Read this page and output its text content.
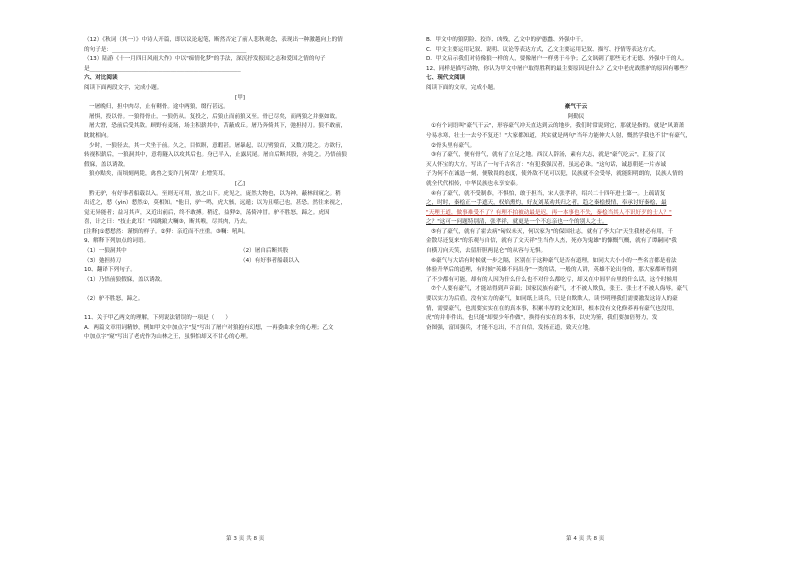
（12）《秋词（其一）》中诗人开篇，即以议论起笔，断然否定了前人悲秋观念，表现出一种激越向上的情

的句子是：________________________________________________

（13）陆游《十一月四日风雨大作》中以"痴情化梦"的手法，深沉抒发报国之志和爱国之情的句子

是______________________________________________________

六、对比阅读

阅读下面两段文字，完成小题。

[甲]

一屠晚归，担中肉尽，止有剩骨。途中两狼，缀行甚远。

屠惧，投以骨。一狼得骨止，一狼仍从。复投之，后狼止而前狼又至。骨已尽矣，而两狼之并驱如故。

屠大窘，恐前后受其敌。顾野有麦场，场主积薪其中，苫蔽成丘。屠乃奔倚其下，弛担持刀。狼不敢前，

眈眈相向。

少时，一狼径去，其一犬坐于前。久之，目似瞑，意暇甚。屠暴起，以刀劈狼首，又数刀毙之。方欲行，

转视积薪后，一狼洞其中，意将隧入以攻其后也。身已半入，止露尻尾。屠自后断其股，亦毙之。乃悟前狼

假寐，盖以诱敌。

狼亦黠矣，而顷刻两毙，禽兽之变诈几何哉？止增笑耳。

[乙]

黔无驴，有好事者船载以入。至则无可用，放之山下。虎见之，庞然大物也，以为神，蔽林间窥之。稍

出近之，慭（yìn）慭然①，莫相知。"他日，驴一鸣，虎大骇，远遁；以为且噬己也，甚恐。然往来视之，

觉无异能者；益习其声，又近出前后，终不敢搏。稍近，益狎②，荡倚冲冒。驴不胜怒，蹄之。虎因

喜，计之曰："技止此耳！"因跳踉大㘎③，断其喉，尽其肉，乃去。

[注释]①慭慭然：谨慎的样子。②狎：亲近而不庄重。③㘎：吼叫。

9、解释下列加点的词语。

（1）一狼洞其中	（2）屠自后断其股
（3）弛担持刀	（4）有好事者船载以入

10、翻译下列句子。

（1）乃悟前狼假寐，盖以诱敌。

（2）驴不胜怒，蹄之。

11、关于甲乙两文的理解，下列说法错误的一项是（　　）

A．两篇文章用词精妙，例如甲文中加点字"复"写出了屠户对狼抱有幻想，一再委曲求全的心理；乙文

中加点字"窥"写出了老虎作为山林之王，虽惧怕却又不甘心的心理。

B．甲文中的狼阴险、狡诈、凶残，乙文中的驴愚蠢、外强中干。

C．甲文主要运用记叙、说明、议论等表达方式，乙文主要运用记叙、描写、抒情等表达方式。

D．甲文启示我们对待像狼一样的人，要像屠户一样勇于斗争；乙文讽刺了那些无才无德、外强中干的人。

12、同样是描写动物，你认为甲文中屠户取得胜利的最主要原因是什么？乙文中老虎战胜驴的原因有哪些？

七、现代文阅读

阅读下面的文章，完成小题。

豪气干云

阿勤民

①有个词语叫"豪气干云"，形容豪气冲天直达到云的地步，我们时常说到它，那就是指的。就是"风萧萧

兮易水寒，壮士一去兮不复还！"大家都知道，其实就是两句"当年力能伸大人射，慨然学我也不甘"有豪气，

②骨头里有豪气。

③有了豪气，便有骨气，就有了立足之地。西汉人辞汤，素有大志，就是"豪气吃云"，汇接了汉

灭人怀宝的大方，写出了一句千古名言："有犯我强汉者，虽远必诛。"这句话，诚恳朝延一片赤诚

子为何不在诚恳一刻，便敬畏的态度，使外敌不见可以犯，民族就不会受辱，就能阳明朗的，民族人情的

就全代代相传，中华民族也永享安泰。

④有了豪气，就不受制恭，不惧怕，敢于担当，宋人张孝祥，绍兴二十四年进士第一。上疏请复

之，时时，秦桧正一手遮天，权焰熏灼，好友刘某劝其归之者，趋之秦桧授情，奉承讨好秦桧，最

"天理王道，做事难受不了？有理不拍被动最是迟，再一本事也不失，秦桧当其人不识好歹的士人？"

之？"这可一问题特别清，张孝祥，就更是一个不忘亲也一个的别人之士。

⑤有了豪气，就有了霍去病"匈奴未灭，何以家为"的保国壮志，就有了李大白"天生我材必有用，千

金散尽还复来"的乐观与自信，就有了文天祥"生当作人杰，死亦为鬼雄"的慷慨气概，就有了谭嗣同"我

自横刀向天笑，去留肝胆两昆仑"的从容与无惧。

⑥豪气与大话有时候就一步之隔，区别在于这种豪气是否有道理，如同大大小小的一些名言都是看法

体验升华后的道理，有时候"英雄不问出身"一类的话，一般的人讲，英雄不论出身的，那大家都听得到

了不少都有可能，却有的人因为什么什么也不对什么都吃亏，却又在中间平台里的什么话，这个时候用

⑦个人要有豪气，才能站得到声音面；国家民族有豪气，才不被人欺负，张王、张士才不被人侮辱。豪气

要以实力为后盾，没有实力的豪气，如同纸上谈兵，只是自欺欺人，读书明理我们需要激发这诗人的豪

情，需要豪气，也需要实实在在的真本事，积累丰厚的文化知识，根本没有文化修养再有豪气也没用，

虎"的并非件出，也只能"却要少年作做"，换得有实在的本事，以史为鉴，我们要加倍努力，发

奋图强，富国强兵，才能不忘出，不言自信，发扬正道，致天立地。

第 3 页 共 8 页	第 4 页 共 8 页
